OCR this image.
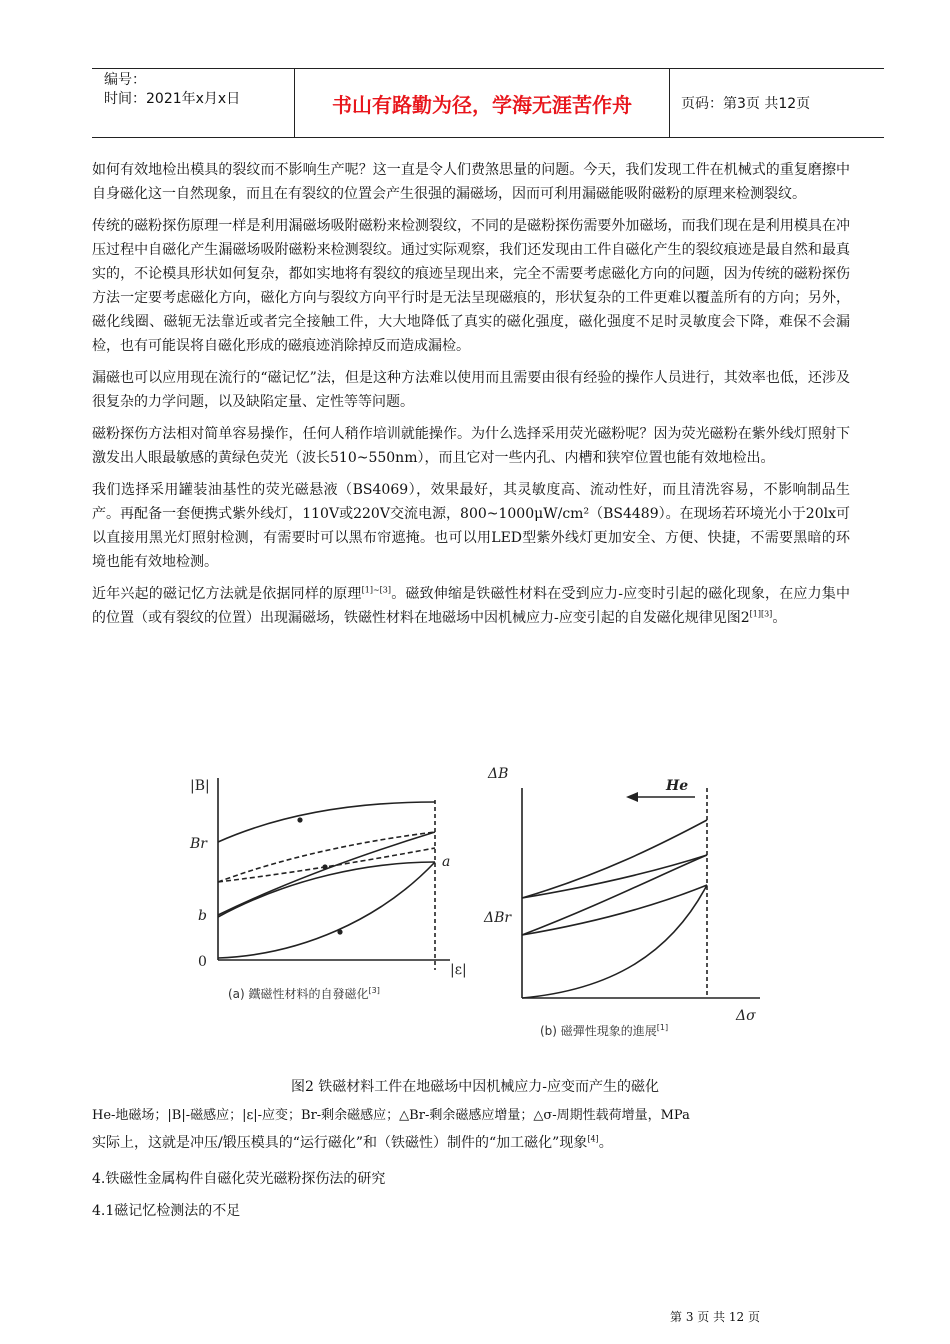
编号：
时间：2021年x月x日	书山有路勤为径，学海无涯苦作舟	页码：第3页 共12页

如何有效地检出模具的裂纹而不影响生产呢？这一直是令人们费煞思量的问题。今天，我们发现工件在机械式的重复磨擦中自身磁化这一自然现象，而且在有裂纹的位置会产生很强的漏磁场，因而可利用漏磁能吸附磁粉的原理来检测裂纹。

传统的磁粉探伤原理一样是利用漏磁场吸附磁粉来检测裂纹，不同的是磁粉探伤需要外加磁场，而我们现在是利用模具在冲压过程中自磁化产生漏磁场吸附磁粉来检测裂纹。通过实际观察，我们还发现由工件自磁化产生的裂纹痕迹是最自然和最真实的，不论模具形状如何复杂，都如实地将有裂纹的痕迹呈现出来，完全不需要考虑磁化方向的问题，因为传统的磁粉探伤方法一定要考虑磁化方向，磁化方向与裂纹方向平行时是无法呈现磁痕的，形状复杂的工件更难以覆盖所有的方向；另外，磁化线圈、磁轭无法靠近或者完全接触工件，大大地降低了真实的磁化强度，磁化强度不足时灵敏度会下降，难保不会漏检，也有可能误将自磁化形成的磁痕迹消除掉反而造成漏检。

漏磁也可以应用现在流行的“磁记忆”法，但是这种方法难以使用而且需要由很有经验的操作人员进行，其效率也低，还涉及很复杂的力学问题，以及缺陷定量、定性等等问题。

磁粉探伤方法相对简单容易操作，任何人稍作培训就能操作。为什么选择采用荧光磁粉呢？因为荧光磁粉在紫外线灯照射下激发出人眼最敏感的黄绿色荧光（波长510~550nm），而且它对一些内孔、内槽和狭窄位置也能有效地检出。

我们选择采用罐装油基性的荧光磁悬液（BS4069），效果最好，其灵敏度高、流动性好，而且清洗容易，不影响制品生产。再配备一套便携式紫外线灯，110V或220V交流电源，800~1000μW/cm²（BS4489）。在现场若环境光小于20lx可以直接用黑光灯照射检测，有需要时可以黑布帘遮掩。也可以用LED型紫外线灯更加安全、方便、快捷，不需要黑暗的环境也能有效地检测。

近年兴起的磁记忆方法就是依据同样的原理[1]~[3]。磁致伸缩是铁磁性材料在受到应力-应变时引起的磁化现象，在应力集中的位置（或有裂纹的位置）出现漏磁场，铁磁性材料在地磁场中因机械应力-应变引起的自发磁化规律见图2[1][3]。

|B|
Br
b
0
a
|ε|
ΔB
He
ΔBr
Δσ
(a) 鐵磁性材料的自發磁化[3]
(b) 磁彈性現象的進展[1]
图2 铁磁材料工件在地磁场中因机械应力-应变而产生的磁化
He-地磁场；|B|-磁感应；|ε|-应变；Br-剩余磁感应；△Br-剩余磁感应增量；△σ-周期性载荷增量，MPa
实际上，这就是冲压/锻压模具的“运行磁化”和（铁磁性）制件的“加工磁化”现象[4]。
4.铁磁性金属构件自磁化荧光磁粉探伤法的研究
4.1磁记忆检测法的不足
第 3 页 共 12 页
